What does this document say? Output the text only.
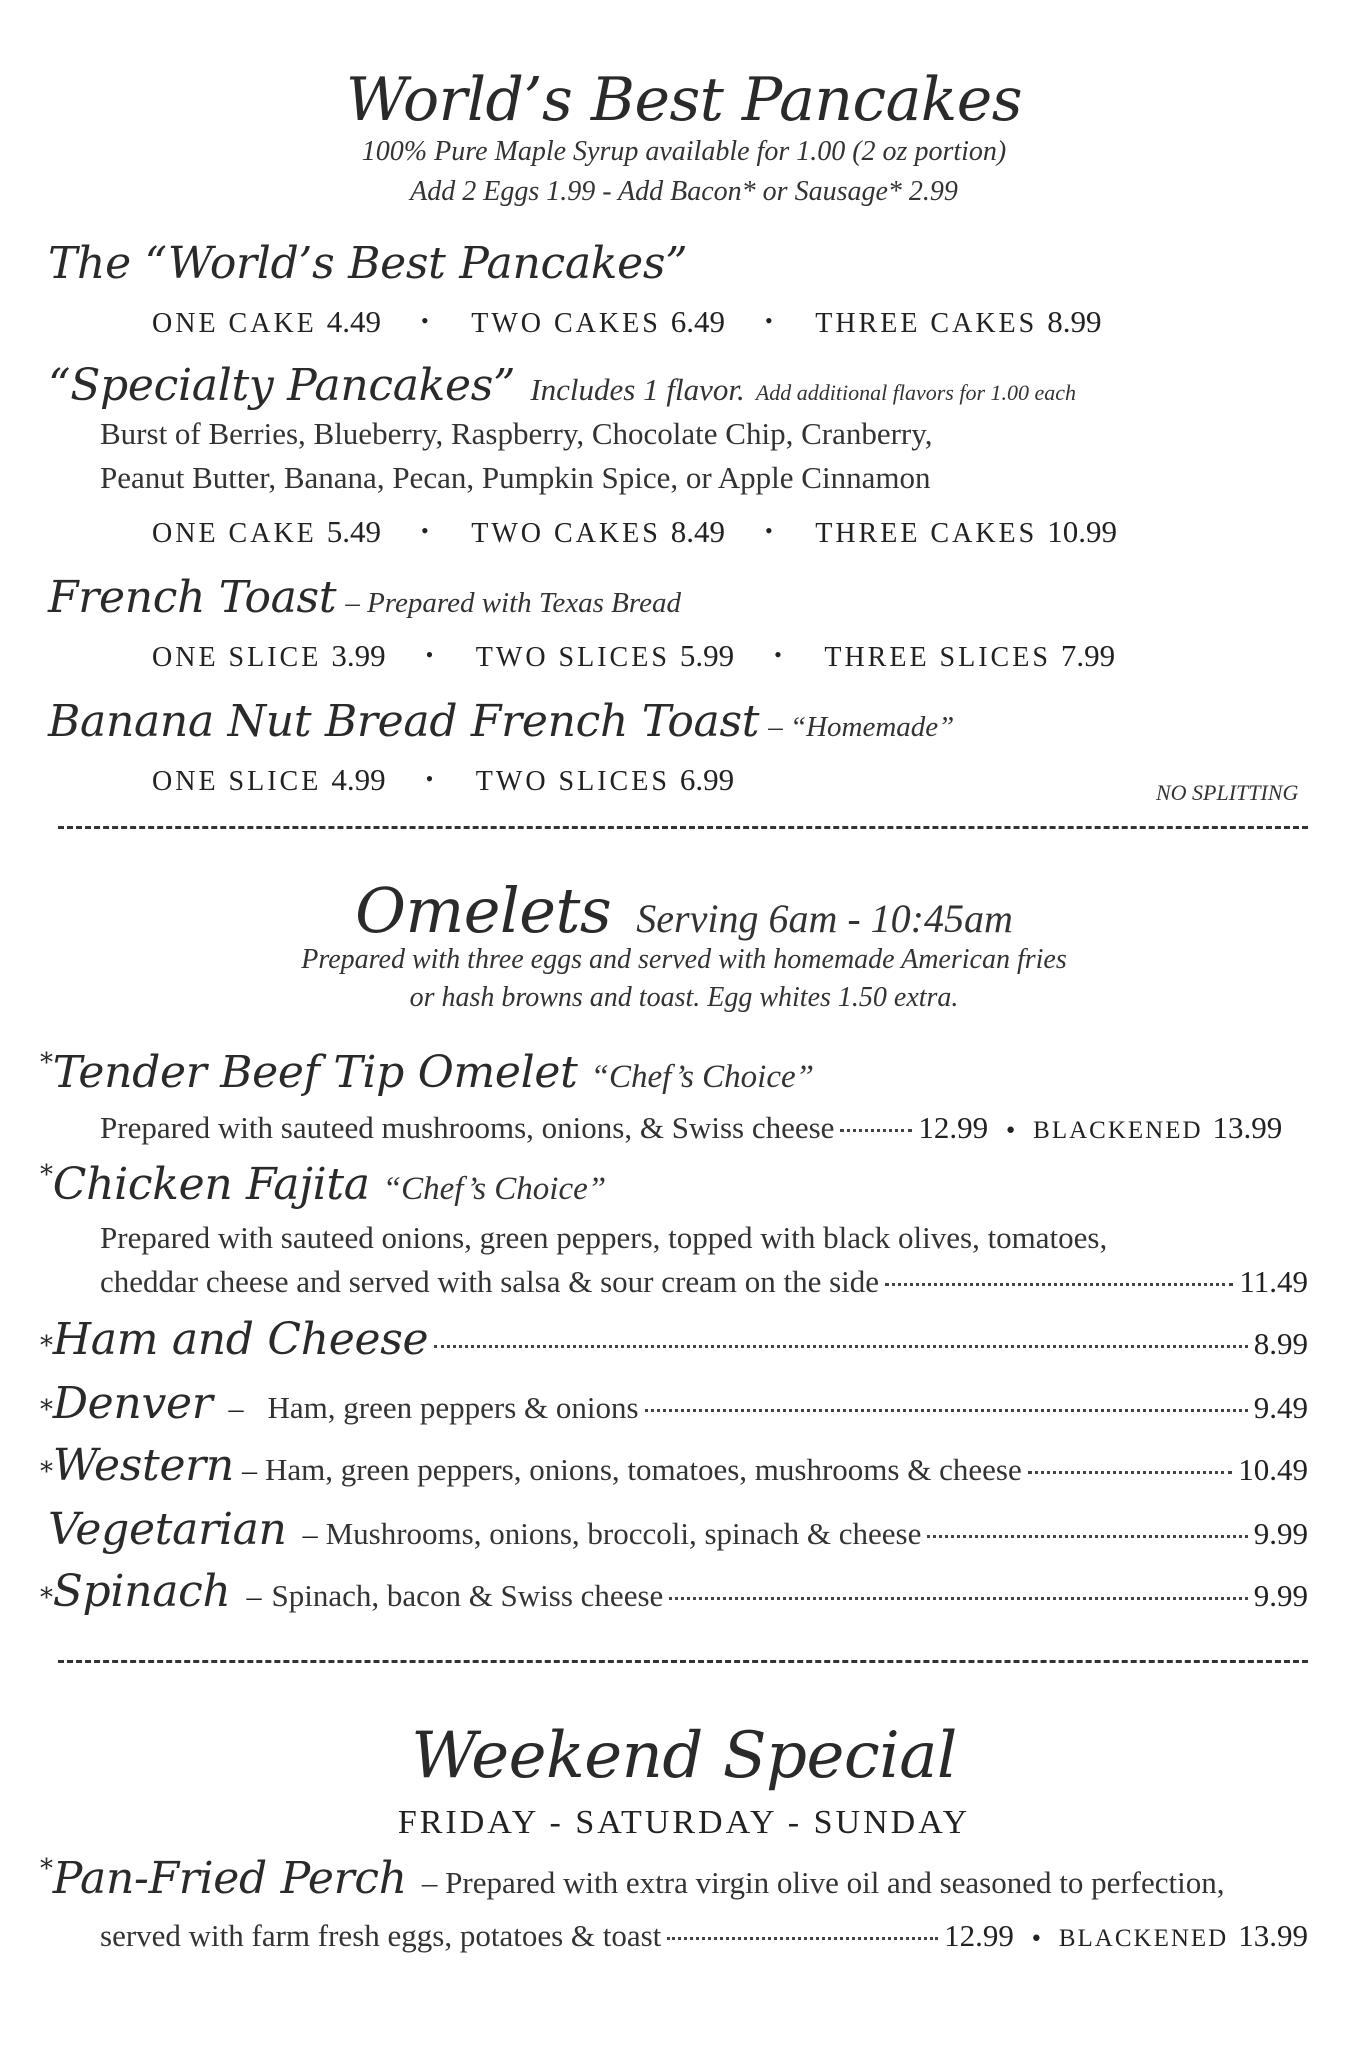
World’s Best Pancakes
100% Pure Maple Syrup available for 1.00 (2 oz portion)
Add 2 Eggs 1.99 - Add Bacon* or Sausage* 2.99
The “World’s Best Pancakes”
ONE CAKE 4.49 • TWO CAKES 6.49 • THREE CAKES 8.99
“Specialty Pancakes” Includes 1 flavor. Add additional flavors for 1.00 each
Burst of Berries, Blueberry, Raspberry, Chocolate Chip, Cranberry,
Peanut Butter, Banana, Pecan, Pumpkin Spice, or Apple Cinnamon
ONE CAKE 5.49 • TWO CAKES 8.49 • THREE CAKES 10.99
French Toast – Prepared with Texas Bread
ONE SLICE 3.99 • TWO SLICES 5.99 • THREE SLICES 7.99
Banana Nut Bread French Toast – “Homemade”
ONE SLICE 4.99 • TWO SLICES 6.99	NO SPLITTING
Omelets Serving 6am - 10:45am
Prepared with three eggs and served with homemade American fries
or hash browns and toast. Egg whites 1.50 extra.
*Tender Beef Tip Omelet “Chef’s Choice”
Prepared with sauteed mushrooms, onions, & Swiss cheese	12.99 • BLACKENED 13.99
*Chicken Fajita “Chef’s Choice”
Prepared with sauteed onions, green peppers, topped with black olives, tomatoes,
cheddar cheese and served with salsa & sour cream on the side	11.49
* Ham and Cheese	8.99
* Denver – Ham, green peppers & onions	9.49
* Western – Ham, green peppers, onions, tomatoes, mushrooms & cheese	10.49
Vegetarian – Mushrooms, onions, broccoli, spinach & cheese	9.99
* Spinach – Spinach, bacon & Swiss cheese	9.99
Weekend Special
FRIDAY - SATURDAY - SUNDAY
*Pan-Fried Perch – Prepared with extra virgin olive oil and seasoned to perfection,
served with farm fresh eggs, potatoes & toast	12.99 • BLACKENED 13.99
